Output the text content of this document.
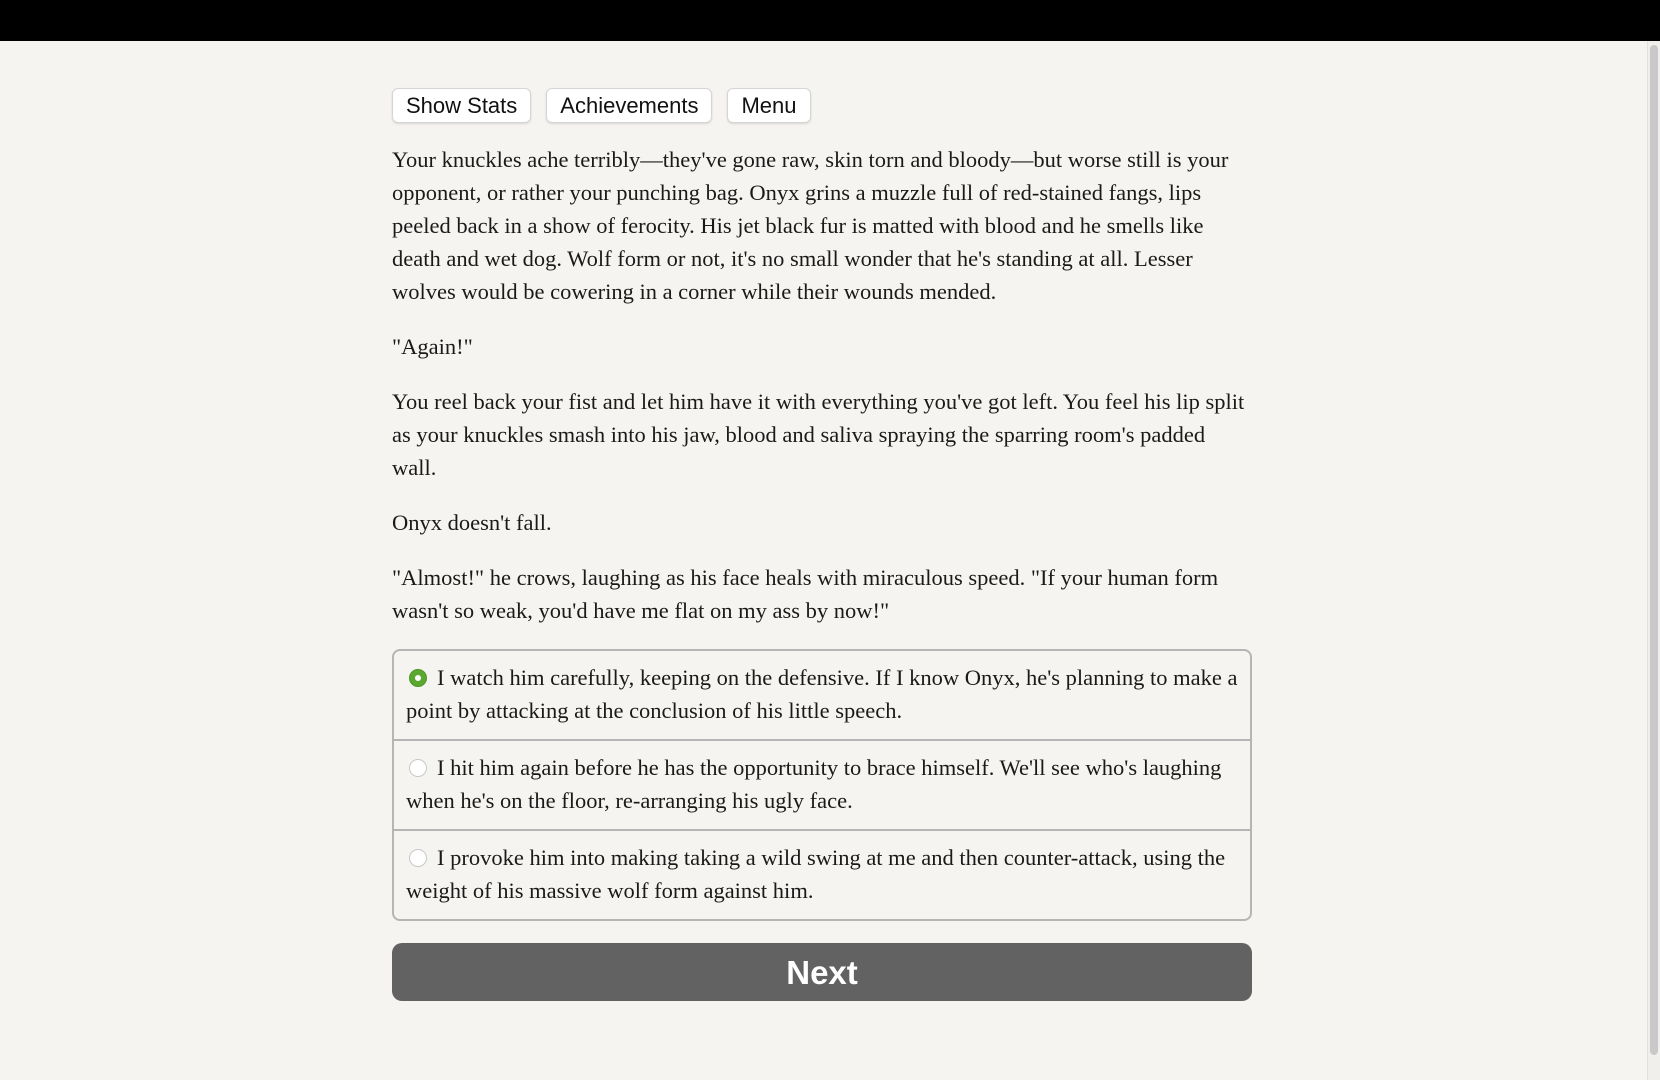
Show Stats	Achievements	Menu

Your knuckles ache terribly—they've gone raw, skin torn and bloody—but worse still is your opponent, or rather your punching bag. Onyx grins a muzzle full of red-stained fangs, lips peeled back in a show of ferocity. His jet black fur is matted with blood and he smells like death and wet dog. Wolf form or not, it's no small wonder that he's standing at all. Lesser wolves would be cowering in a corner while their wounds mended.

"Again!"

You reel back your fist and let him have it with everything you've got left. You feel his lip split as your knuckles smash into his jaw, blood and saliva spraying the sparring room's padded wall.

Onyx doesn't fall.

"Almost!" he crows, laughing as his face heals with miraculous speed. "If your human form wasn't so weak, you'd have me flat on my ass by now!"

I watch him carefully, keeping on the defensive. If I know Onyx, he's planning to make a point by attacking at the conclusion of his little speech.
I hit him again before he has the opportunity to brace himself. We'll see who's laughing when he's on the floor, re-arranging his ugly face.
I provoke him into making taking a wild swing at me and then counter-attack, using the weight of his massive wolf form against him.
Next
